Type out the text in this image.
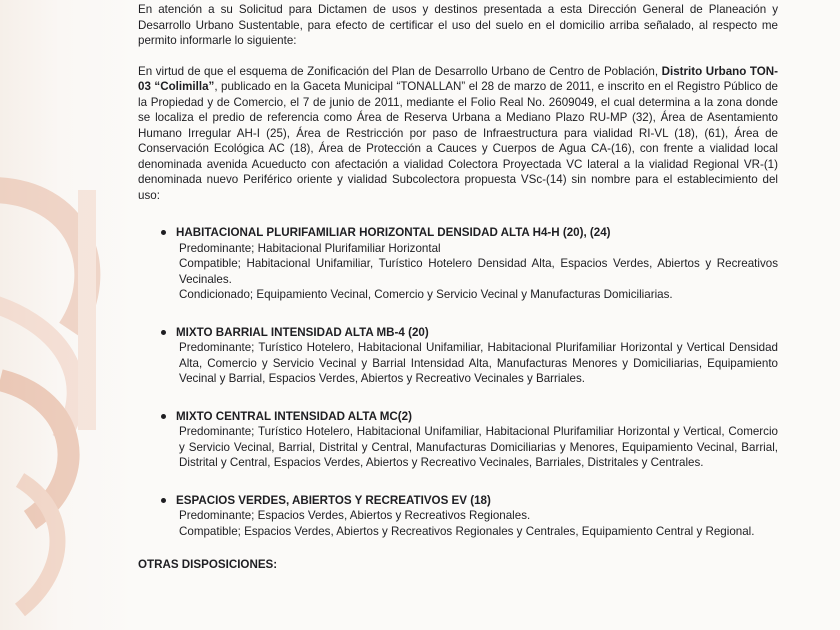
En atención a su Solicitud para Dictamen de usos y destinos presentada a esta Dirección General de Planeación y Desarrollo Urbano Sustentable, para efecto de certificar el uso del suelo en el domicilio arriba señalado, al respecto me permito informarle lo siguiente:

En virtud de que el esquema de Zonificación del Plan de Desarrollo Urbano de Centro de Población, Distrito Urbano TON-03 “Colimilla”, publicado en la Gaceta Municipal “TONALLAN” el 28 de marzo de 2011, e inscrito en el Registro Público de la Propiedad y de Comercio, el 7 de junio de 2011, mediante el Folio Real No. 2609049, el cual determina a la zona donde se localiza el predio de referencia como Área de Reserva Urbana a Mediano Plazo RU-MP (32), Área de Asentamiento Humano Irregular AH-I (25), Área de Restricción por paso de Infraestructura para vialidad RI-VL (18), (61), Área de Conservación Ecológica AC (18), Área de Protección a Cauces y Cuerpos de Agua CA-(16), con frente a vialidad local denominada avenida Acueducto con afectación a vialidad Colectora Proyectada VC lateral a la vialidad Regional VR-(1) denominada nuevo Periférico oriente y vialidad Subcolectora propuesta VSc-(14) sin nombre para el establecimiento del uso:

HABITACIONAL PLURIFAMILIAR HORIZONTAL DENSIDAD ALTA H4-H (20), (24)
Predominante; Habitacional Plurifamiliar Horizontal
Compatible; Habitacional Unifamiliar, Turístico Hotelero Densidad Alta, Espacios Verdes, Abiertos y Recreativos Vecinales.
Condicionado; Equipamiento Vecinal, Comercio y Servicio Vecinal y Manufacturas Domiciliarias.
MIXTO BARRIAL INTENSIDAD ALTA MB-4 (20)
Predominante; Turístico Hotelero, Habitacional Unifamiliar, Habitacional Plurifamiliar Horizontal y Vertical Densidad Alta, Comercio y Servicio Vecinal y Barrial Intensidad Alta, Manufacturas Menores y Domiciliarias, Equipamiento Vecinal y Barrial, Espacios Verdes, Abiertos y Recreativo Vecinales y Barriales.
MIXTO CENTRAL INTENSIDAD ALTA MC(2)
Predominante; Turístico Hotelero, Habitacional Unifamiliar, Habitacional Plurifamiliar Horizontal y Vertical, Comercio y Servicio Vecinal, Barrial, Distrital y Central, Manufacturas Domiciliarias y Menores, Equipamiento Vecinal, Barrial, Distrital y Central, Espacios Verdes, Abiertos y Recreativo Vecinales, Barriales, Distritales y Centrales.
ESPACIOS VERDES, ABIERTOS Y RECREATIVOS EV (18)
Predominante; Espacios Verdes, Abiertos y Recreativos Regionales.
Compatible; Espacios Verdes, Abiertos y Recreativos Regionales y Centrales, Equipamiento Central y Regional.
OTRAS DISPOSICIONES:
